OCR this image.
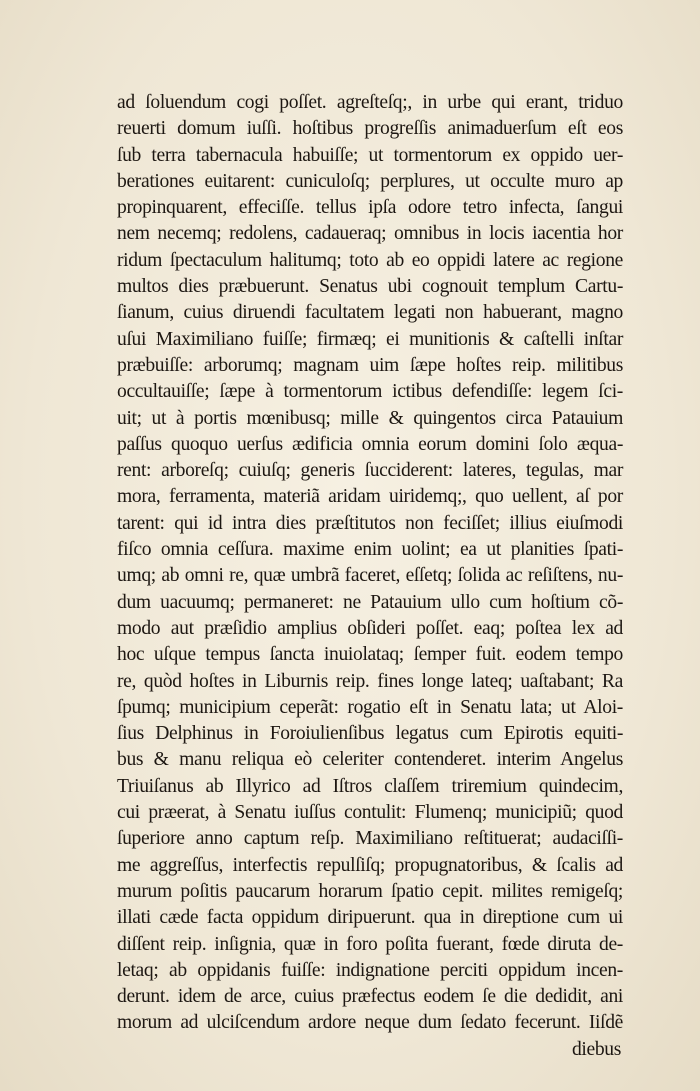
ad ſoluendum cogi poſſet. agreſteſq;, in urbe qui erant, triduo
reuerti domum iuſſi. hoſtibus progreſſis animaduerſum eſt eos
ſub terra tabernacula habuiſſe; ut tormentorum ex oppido uer-
berationes euitarent: cuniculoſq; perplures, ut occulte muro ap
propinquarent, effeciſſe. tellus ipſa odore tetro infecta, ſangui
nem necemq; redolens, cadaueraq; omnibus in locis iacentia hor
ridum ſpectaculum halitumq; toto ab eo oppidi latere ac regione
multos dies præbuerunt. Senatus ubi cognouit templum Cartu-
ſianum, cuius diruendi facultatem legati non habuerant, magno
uſui Maximiliano fuiſſe; firmæq; ei munitionis & caſtelli inſtar
præbuiſſe: arborumq; magnam uim ſæpe hoſtes reip. militibus
occultauiſſe; ſæpe à tormentorum ictibus defendiſſe: legem ſci-
uit; ut à portis mœnibusq; mille & quingentos circa Patauium
paſſus quoquo uerſus ædificia omnia eorum domini ſolo æqua-
rent: arboreſq; cuiuſq; generis ſucciderent: lateres, tegulas, mar
mora, ferramenta, materiã aridam uiridemq;, quo uellent, aſ por
tarent: qui id intra dies præſtitutos non feciſſet; illius eiuſmodi
fiſco omnia ceſſura. maxime enim uolint; ea ut planities ſpati-
umq; ab omni re, quæ umbrã faceret, eſſetq; ſolida ac reſiſtens, nu-
dum uacuumq; permaneret: ne Patauium ullo cum hoſtium cõ-
modo aut præſidio amplius obſideri poſſet. eaq; poſtea lex ad
hoc uſque tempus ſancta inuiolataq; ſemper fuit. eodem tempo
re, quòd hoſtes in Liburnis reip. fines longe lateq; uaſtabant; Ra
ſpumq; municipium ceperãt: rogatio eſt in Senatu lata; ut Aloi-
ſius Delphinus in Foroiulienſibus legatus cum Epirotis equiti-
bus & manu reliqua eò celeriter contenderet. interim Angelus
Triuiſanus ab Illyrico ad Iſtros claſſem triremium quindecim,
cui præerat, à Senatu iuſſus contulit: Flumenq; municipiũ; quod
ſuperiore anno captum reſp. Maximiliano reſtituerat; audaciſſi-
me aggreſſus, interfectis repulſiſq; propugnatoribus, & ſcalis ad
murum poſitis paucarum horarum ſpatio cepit. milites remigeſq;
illati cæde facta oppidum diripuerunt. qua in direptione cum ui
diſſent reip. inſignia, quæ in foro poſita fuerant, fœde diruta de-
letaq; ab oppidanis fuiſſe: indignatione perciti oppidum incen-
derunt. idem de arce, cuius præfectus eodem ſe die dedidit, ani
morum ad ulciſcendum ardore neque dum ſedato fecerunt. Iiſdẽ
diebus
